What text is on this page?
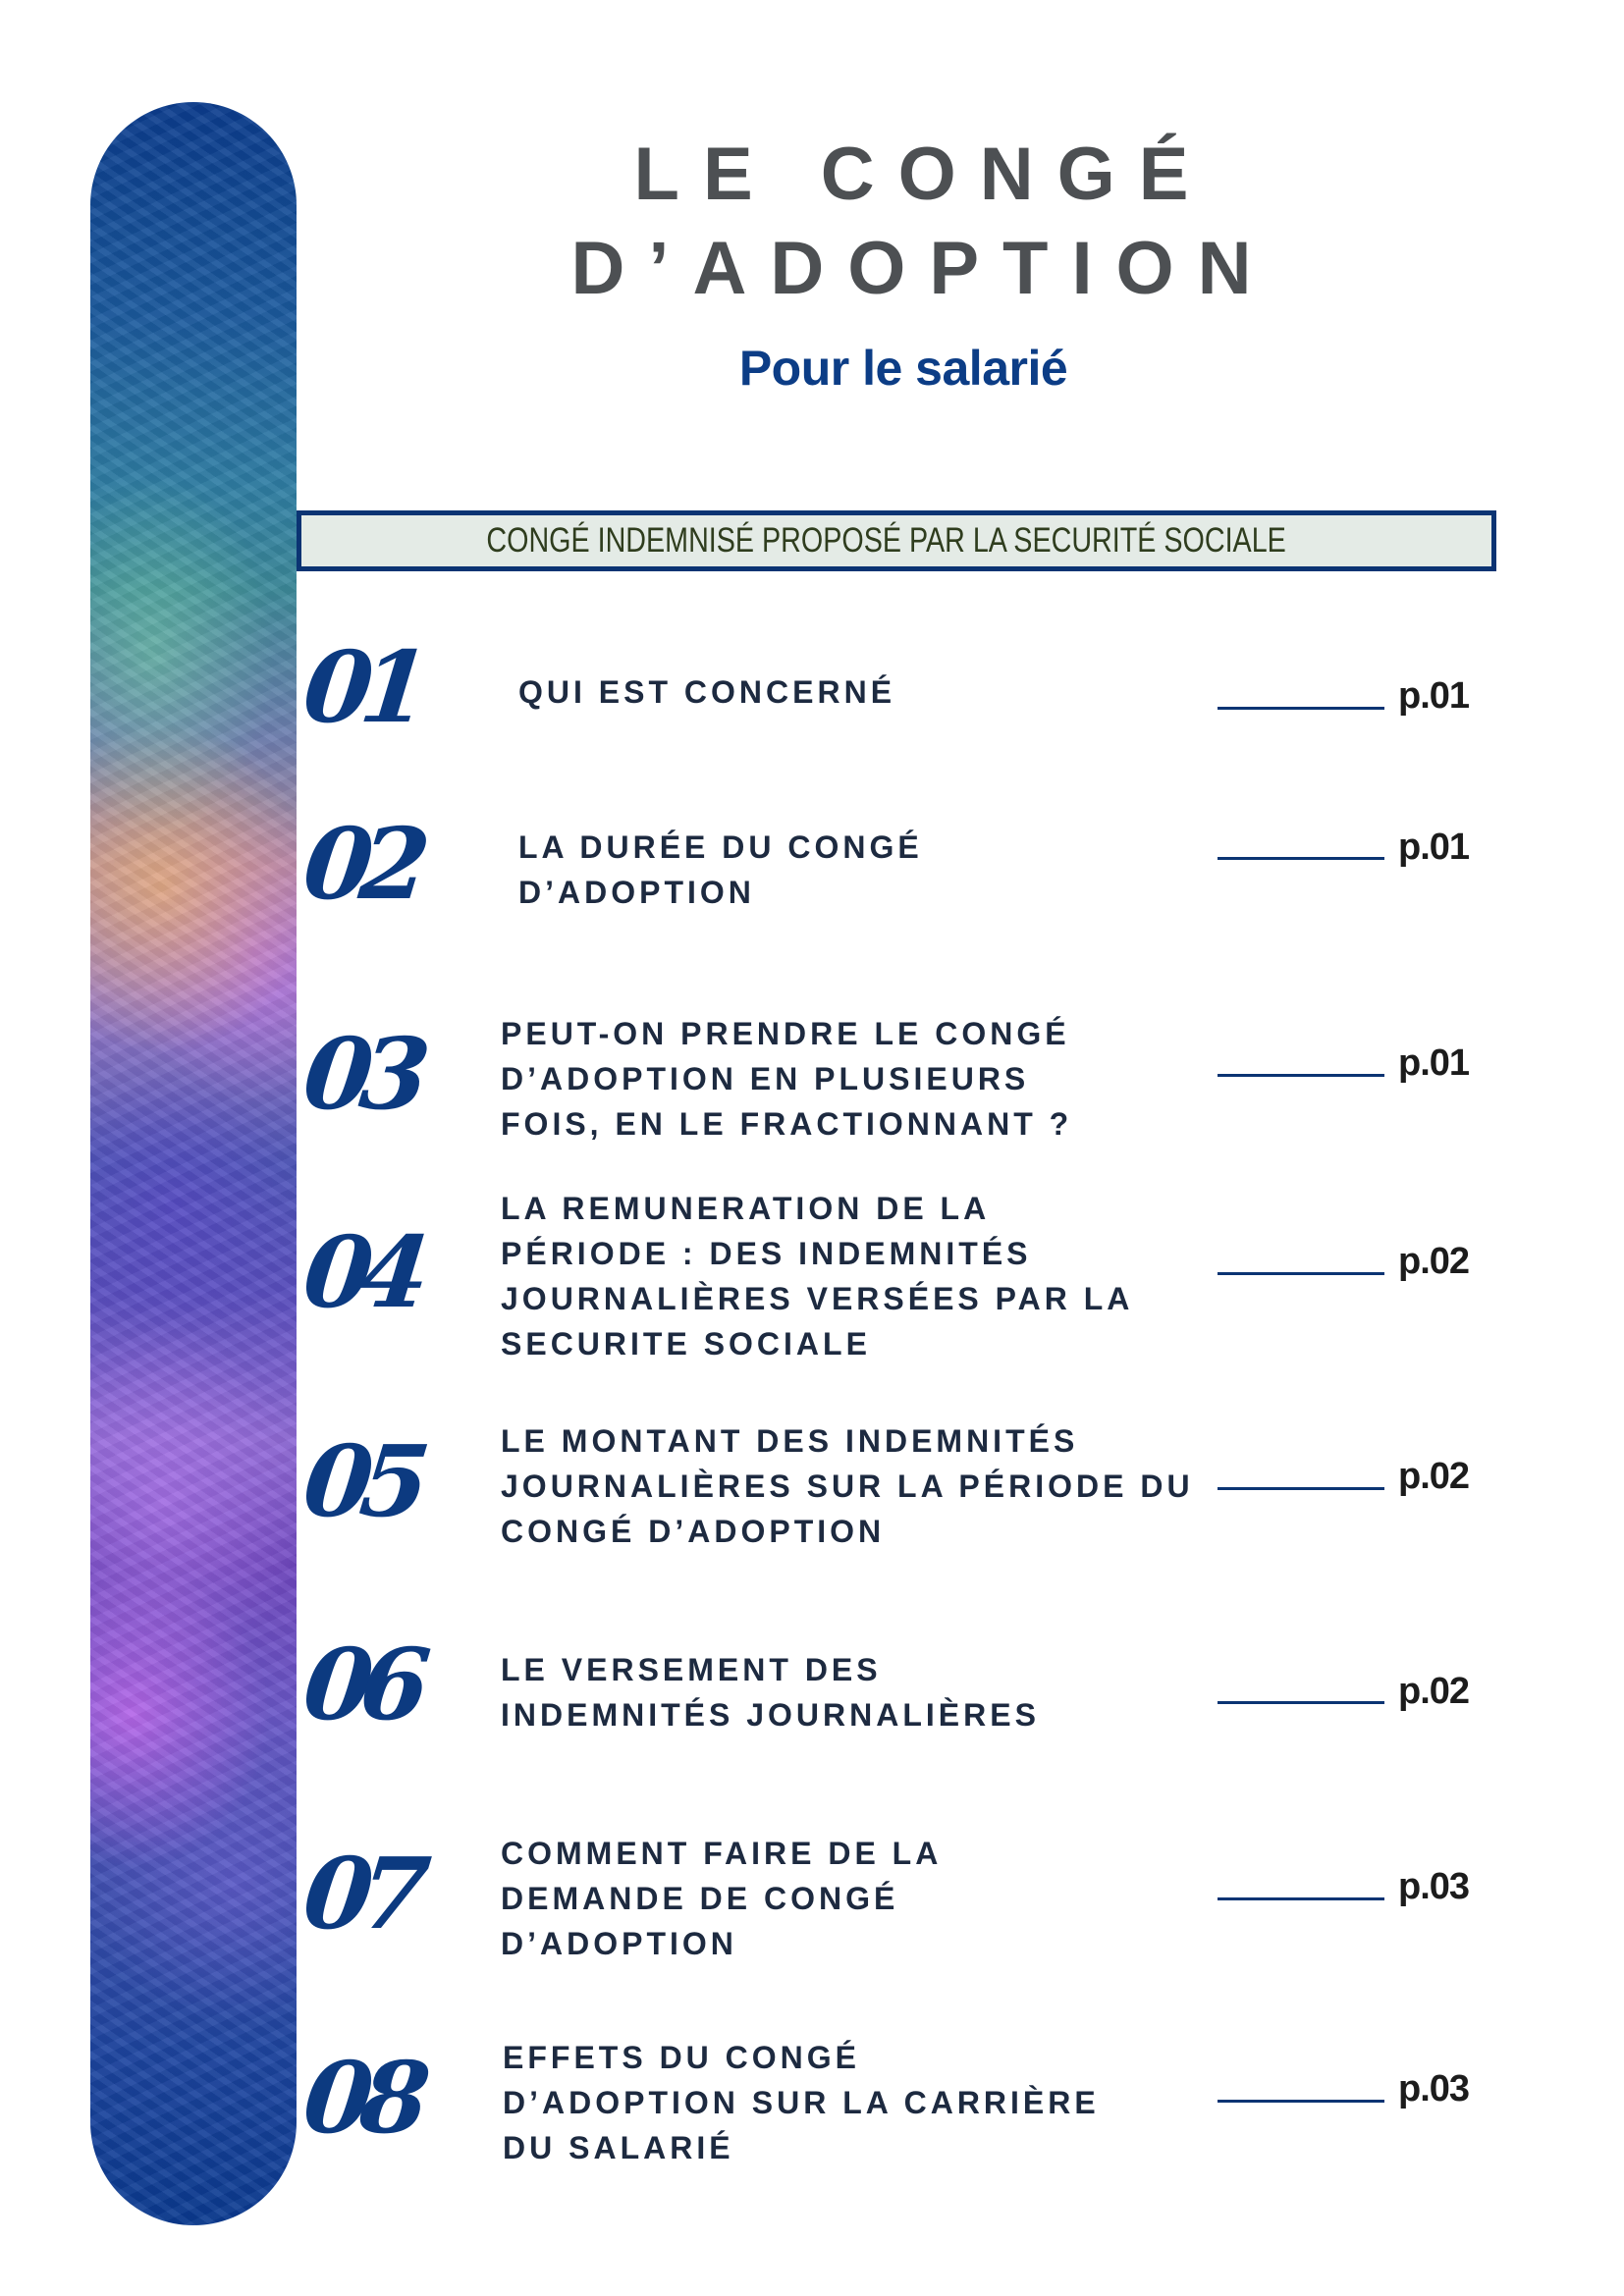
LE CONGÉ
D’ADOPTION
Pour le salarié
CONGÉ INDEMNISÉ PROPOSÉ PAR LA SECURITÉ SOCIALE
01	QUI EST CONCERNÉ	p.01
02	LA DURÉE DU CONGÉ
D’ADOPTION
p.01
03 PEUT-ON PRENDRE LE CONGÉ
D’ADOPTION EN PLUSIEURS
FOIS, EN LE FRACTIONNANT ?
p.01
04
LA REMUNERATION DE LA
PÉRIODE : DES INDEMNITÉS
JOURNALIÈRES VERSÉES PAR LA
SECURITE SOCIALE
p.02
05 LE MONTANT DES INDEMNITÉS
JOURNALIÈRES SUR LA PÉRIODE DU
CONGÉ D’ADOPTION
p.02
06 LE VERSEMENT DES
INDEMNITÉS JOURNALIÈRES
p.02
07 COMMENT FAIRE DE LA
DEMANDE DE CONGÉ
D’ADOPTION
p.03
08	EFFETS DU CONGÉ
D’ADOPTION SUR LA CARRIÈRE
DU SALARIÉ
p.03
